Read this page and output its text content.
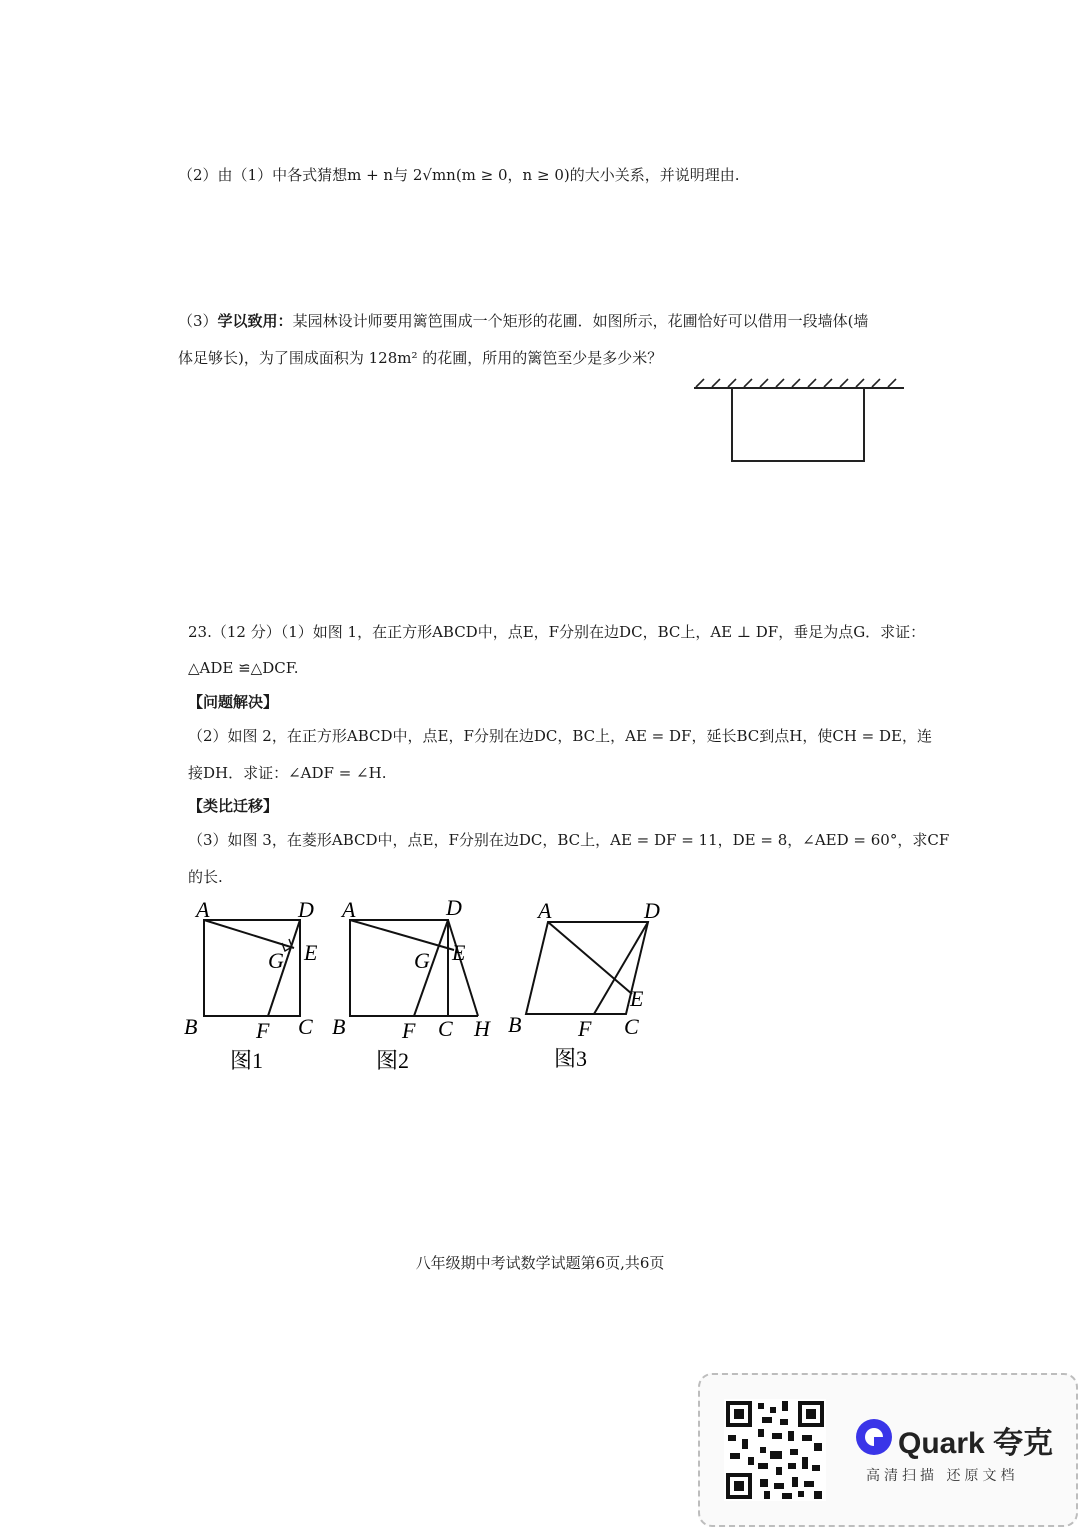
（2）由（1）中各式猜想m + n与 2√mn(m ≥ 0，n ≥ 0)的大小关系，并说明理由.
（3）学以致用：某园林设计师要用篱笆围成一个矩形的花圃．如图所示，花圃恰好可以借用一段墙体(墙
体足够长)，为了围成面积为 128m² 的花圃，所用的篱笆至少是多少米？
23.（12 分）（1）如图 1，在正方形ABCD中，点E，F分别在边DC，BC上，AE ⊥ DF，垂足为点G．求证：
△ADE ≌△DCF.
【问题解决】
（2）如图 2，在正方形ABCD中，点E，F分别在边DC，BC上，AE = DF，延长BC到点H，使CH = DE，连
接DH．求证：∠ADF = ∠H.
【类比迁移】
（3）如图 3，在菱形ABCD中，点E，F分别在边DC，BC上，AE = DF = 11，DE = 8，∠AED = 60°，求CF
的长.
A	D
E
G
B	F C
图1
A	D
E
G
B	F C H
图2
A	D
E
B	F C
图3
八年级期中考试数学试题第6页,共6页
Quark 夸克
高清扫描 还原文档
